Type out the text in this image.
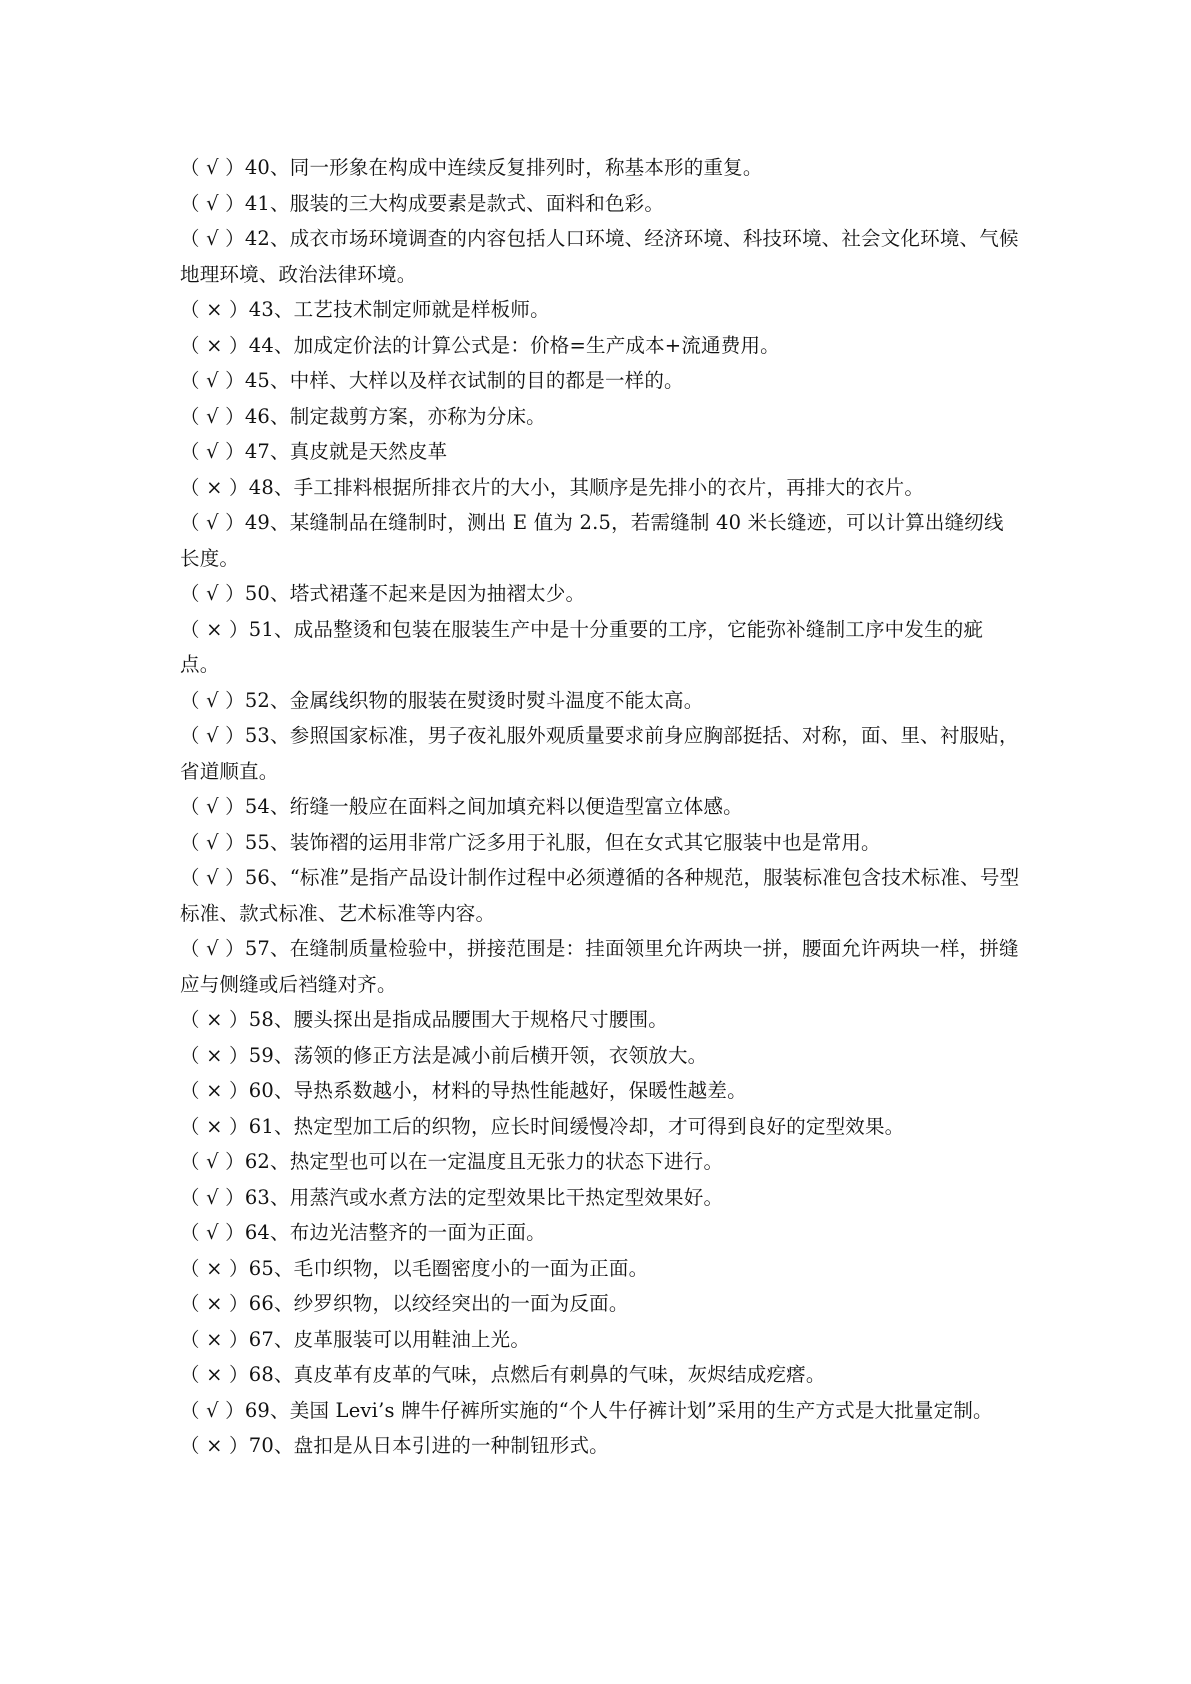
（ √ ）40、同一形象在构成中连续反复排列时，称基本形的重复。

（ √ ）41、服装的三大构成要素是款式、面料和色彩。

（ √ ）42、成衣市场环境调查的内容包括人口环境、经济环境、科技环境、社会文化环境、气候地理环境、政治法律环境。

（ × ）43、工艺技术制定师就是样板师。

（ × ）44、加成定价法的计算公式是：价格=生产成本+流通费用。

（ √ ）45、中样、大样以及样衣试制的目的都是一样的。

（ √ ）46、制定裁剪方案，亦称为分床。

（ √ ）47、真皮就是天然皮革

（ × ）48、手工排料根据所排衣片的大小，其顺序是先排小的衣片，再排大的衣片。

（ √ ）49、某缝制品在缝制时，测出 E 值为 2.5，若需缝制 40 米长缝迹，可以计算出缝纫线长度。

（ √ ）50、塔式裙蓬不起来是因为抽褶太少。

（ × ）51、成品整烫和包装在服装生产中是十分重要的工序，它能弥补缝制工序中发生的疵点。

（ √ ）52、金属线织物的服装在熨烫时熨斗温度不能太高。

（ √ ）53、参照国家标准，男子夜礼服外观质量要求前身应胸部挺括、对称，面、里、衬服贴，省道顺直。

（ √ ）54、绗缝一般应在面料之间加填充料以便造型富立体感。

（ √ ）55、装饰褶的运用非常广泛多用于礼服，但在女式其它服装中也是常用。

（ √ ）56、“标准”是指产品设计制作过程中必须遵循的各种规范，服装标准包含技术标准、号型标准、款式标准、艺术标准等内容。

（ √ ）57、在缝制质量检验中，拼接范围是：挂面领里允许两块一拼，腰面允许两块一样，拼缝应与侧缝或后裆缝对齐。

（ × ）58、腰头探出是指成品腰围大于规格尺寸腰围。

（ × ）59、荡领的修正方法是减小前后横开领，衣领放大。

（ × ）60、导热系数越小，材料的导热性能越好，保暖性越差。

（ × ）61、热定型加工后的织物，应长时间缓慢冷却，才可得到良好的定型效果。

（ √ ）62、热定型也可以在一定温度且无张力的状态下进行。

（ √ ）63、用蒸汽或水煮方法的定型效果比干热定型效果好。

（ √ ）64、布边光洁整齐的一面为正面。

（ × ）65、毛巾织物，以毛圈密度小的一面为正面。

（ × ）66、纱罗织物，以绞经突出的一面为反面。

（ × ）67、皮革服装可以用鞋油上光。

（ × ）68、真皮革有皮革的气味，点燃后有刺鼻的气味，灰烬结成疙瘩。

（ √ ）69、美国 Levi’s 牌牛仔裤所实施的“个人牛仔裤计划”采用的生产方式是大批量定制。

（ × ）70、盘扣是从日本引进的一种制钮形式。
